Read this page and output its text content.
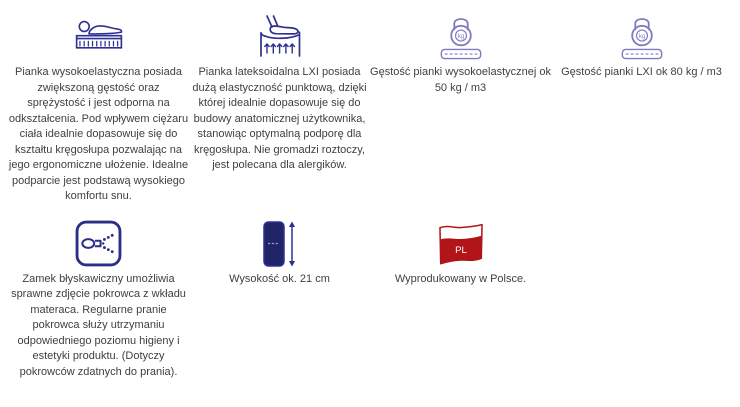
Pianka wysokoelastyczna posiada zwiększoną gęstość oraz sprężystość i jest odporna na odkształcenia. Pod wpływem ciężaru ciała idealnie dopasowuje się do kształtu kręgosłupa pozwalając na jego ergonomiczne ułożenie. Idealne podparcie jest podstawą wysokiego komfortu snu.

Pianka lateksoidalna LXI posiada dużą elastyczność punktową, dzięki której idealnie dopasowuje się do budowy anatomicznej użytkownika, stanowiąc optymalną podporę dla kręgosłupa. Nie gromadzi roztoczy, jest polecana dla alergików.

kg

Gęstość pianki wysokoelastycznej ok 50 kg / m3

kg

Gęstość pianki LXI ok 80 kg / m3

Zamek błyskawiczny umożliwia sprawne zdjęcie pokrowca z wkładu materaca. Regularne pranie pokrowca służy utrzymaniu odpowiedniego poziomu higieny i estetyki produktu. (Dotyczy pokrowców zdatnych do prania).

Wysokość ok. 21 cm

PL

Wyprodukowany w Polsce.
